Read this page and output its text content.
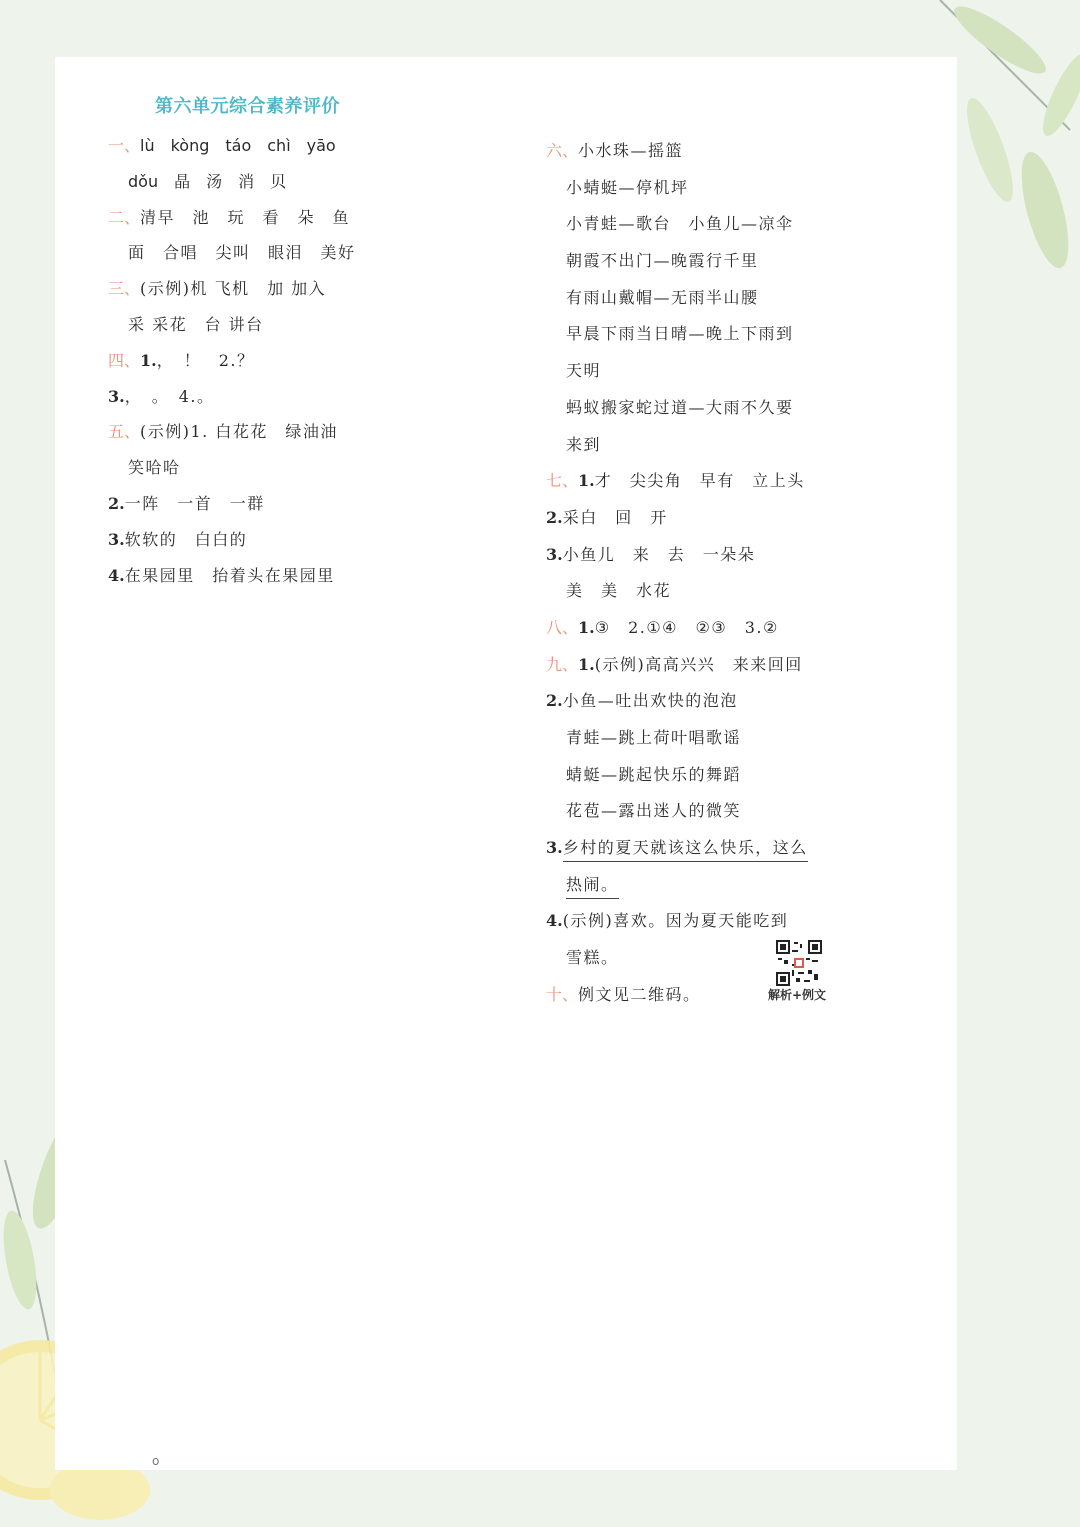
第六单元综合素养评价
一、lù　kòng　táo　chì　yāo
dǒu　晶　汤　消　贝
二、清早　池　玩　看　朵　鱼
面　合唱　尖叫　眼泪　美好
三、(示例)机 飞机　加 加入
采 采花　台 讲台
四、1.，　！　2.？
3.，　。　4.。
五、(示例)1. 白花花　绿油油
笑哈哈
2.一阵　一首　一群
3.软软的　白白的
4.在果园里　抬着头在果园里
六、小水珠—摇篮
小蜻蜓—停机坪
小青蛙—歌台　小鱼儿—凉伞
朝霞不出门—晚霞行千里
有雨山戴帽—无雨半山腰
早晨下雨当日晴—晚上下雨到
天明
蚂蚁搬家蛇过道—大雨不久要
来到
七、1.才　尖尖角　早有　立上头
2.采白　回　开
3.小鱼儿　来　去　一朵朵
美　美　水花
八、1.③　2.①④　②③　3.②
九、1.(示例)高高兴兴　来来回回
2.小鱼—吐出欢快的泡泡
青蛙—跳上荷叶唱歌谣
蜻蜓—跳起快乐的舞蹈
花苞—露出迷人的微笑
3.乡村的夏天就该这么快乐，这么
热闹。
4.(示例)喜欢。因为夏天能吃到
雪糕。
十、例文见二维码。	解析+例文
o
